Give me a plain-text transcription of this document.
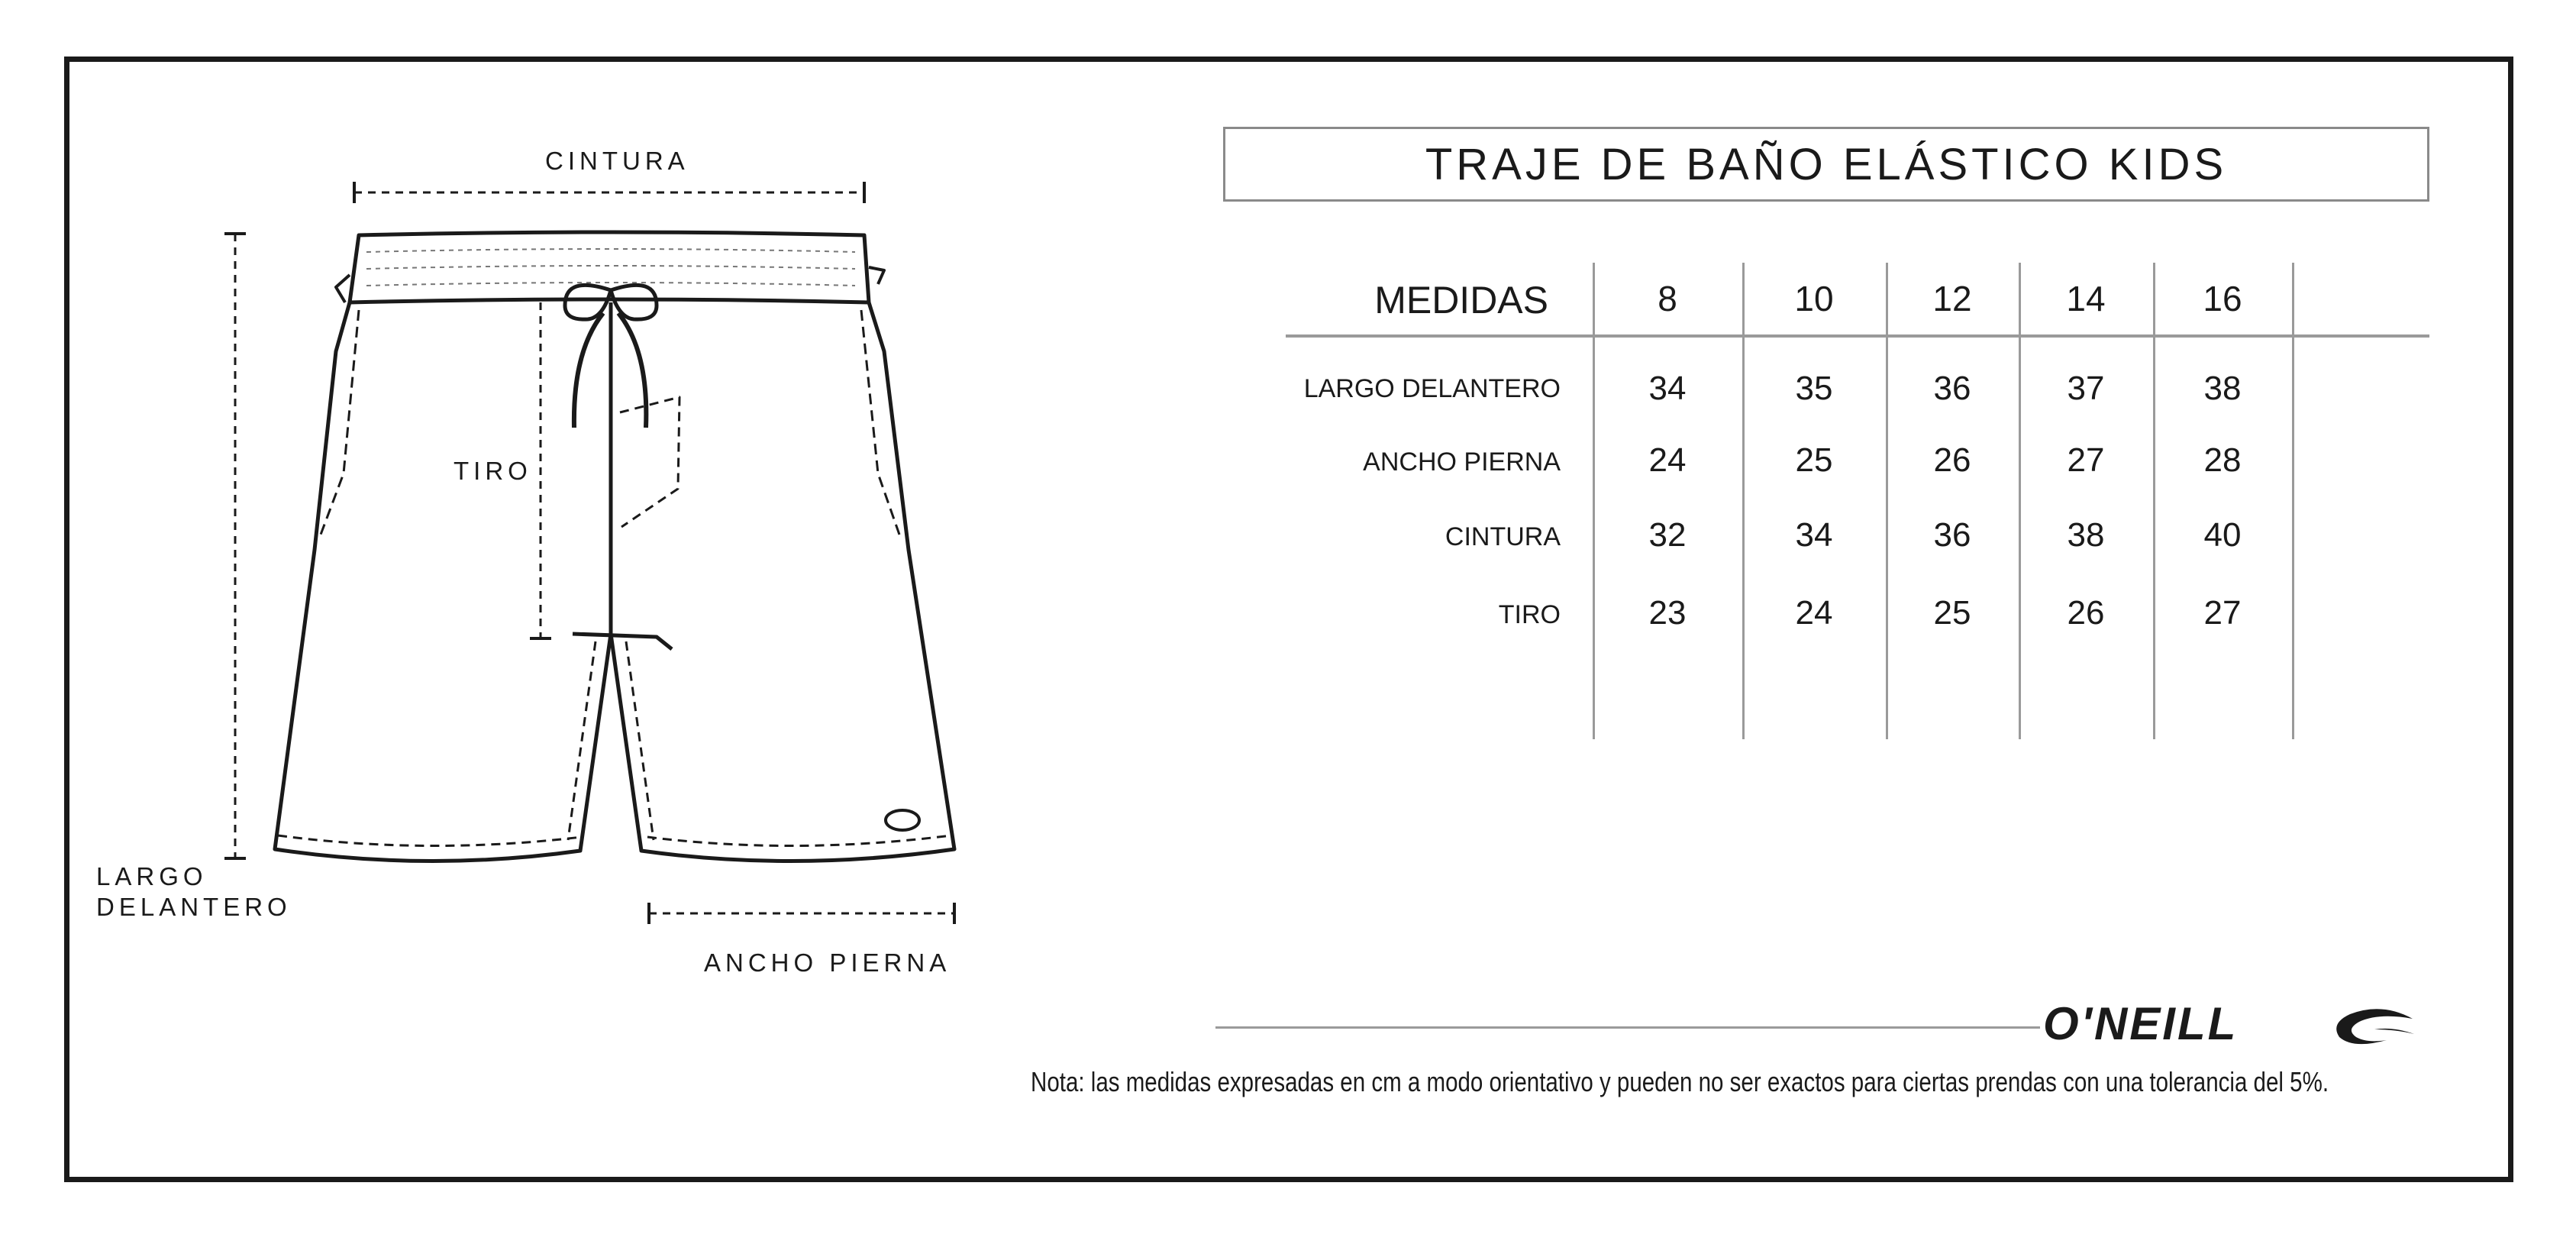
CINTURA
TIRO
LARGO
DELANTERO
ANCHO PIERNA
TRAJE DE BAÑO ELÁSTICO KIDS
MEDIDAS	8	10	12	14	16
LARGO DELANTERO	34	35	36	37	38
ANCHO PIERNA	24	25	26	27	28
CINTURA	32	34	36	38	40
TIRO	23	24	25	26	27
O'NEILL
Nota: las medidas expresadas en cm a modo orientativo y pueden no ser exactos para ciertas prendas con una tolerancia del 5%.
